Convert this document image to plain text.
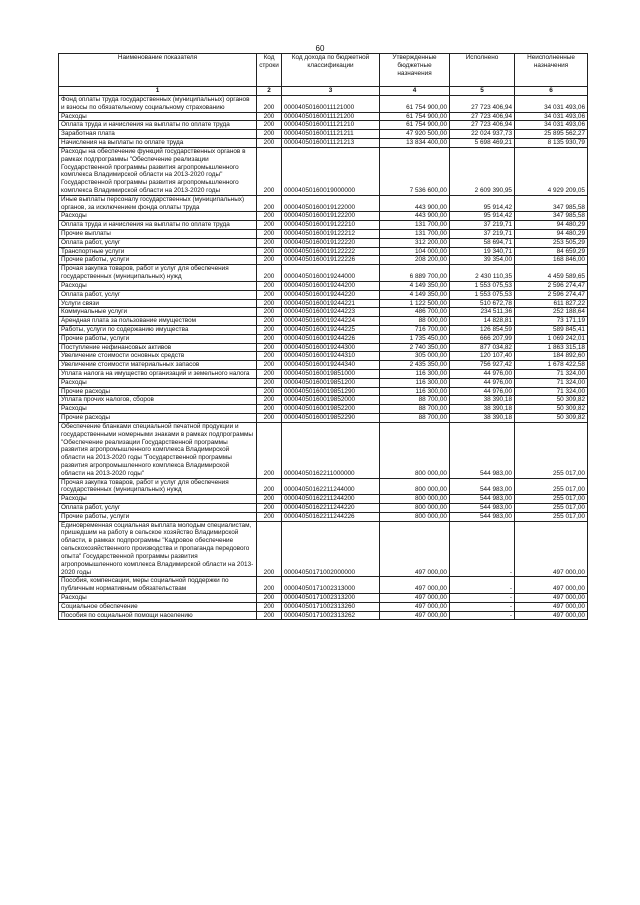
60
Наименование показателя	Код строки	Код дохода по бюджетной классификации	Утвержденные бюджетные назначения	Исполнено	Неисполненные назначения
1	2	3	4	5	6
Фонд оплаты труда государственных (муниципальных) органов и взносы по обязательному социальному страхованию	200	00004050160011121000	61 754 900,00	27 723 406,94	34 031 493,06
Расходы	200	00004050160011121200	61 754 900,00	27 723 406,94	34 031 493,06
Оплата труда и начисления на выплаты по оплате труда	200	00004050160011121210	61 754 900,00	27 723 406,94	34 031 493,06
Заработная плата	200	00004050160011121211	47 920 500,00	22 024 937,73	25 895 562,27
Начисления на выплаты по оплате труда	200	00004050160011121213	13 834 400,00	5 698 469,21	8 135 930,79
Расходы на обеспечение функций государственных органов в рамках подпрограммы "Обеспечение реализации Государственной программы развития агропромышленного комплекса Владимирской области на 2013-2020 годы" Государственной программы развития агропромышленного комплекса Владимирской области на 2013-2020 годы	200	00004050160019000000	7 536 600,00	2 609 390,95	4 929 209,05
Иные выплаты персоналу государственных (муниципальных) органов, за исключением фонда оплаты труда	200	00004050160019122000	443 900,00	95 914,42	347 985,58
Расходы	200	00004050160019122200	443 900,00	95 914,42	347 985,58
Оплата труда и начисления на выплаты по оплате труда	200	00004050160019122210	131 700,00	37 219,71	94 480,29
Прочие выплаты	200	00004050160019122212	131 700,00	37 219,71	94 480,29
Оплата работ, услуг	200	00004050160019122220	312 200,00	58 694,71	253 505,29
Транспортные услуги	200	00004050160019122222	104 000,00	19 340,71	84 659,29
Прочие работы, услуги	200	00004050160019122226	208 200,00	39 354,00	168 846,00
Прочая закупка товаров, работ и услуг для обеспечения государственных (муниципальных) нужд	200	00004050160019244000	6 889 700,00	2 430 110,35	4 459 589,65
Расходы	200	00004050160019244200	4 149 350,00	1 553 075,53	2 596 274,47
Оплата работ, услуг	200	00004050160019244220	4 149 350,00	1 553 075,53	2 596 274,47
Услуги связи	200	00004050160019244221	1 122 500,00	510 672,78	611 827,22
Коммунальные услуги	200	00004050160019244223	486 700,00	234 511,36	252 188,64
Арендная плата за пользование имуществом	200	00004050160019244224	88 000,00	14 828,81	73 171,19
Работы, услуги по содержанию имущества	200	00004050160019244225	716 700,00	126 854,59	589 845,41
Прочие работы, услуги	200	00004050160019244226	1 735 450,00	666 207,99	1 069 242,01
Поступление нефинансовых активов	200	00004050160019244300	2 740 350,00	877 034,82	1 863 315,18
Увеличение стоимости основных средств	200	00004050160019244310	305 000,00	120 107,40	184 892,60
Увеличение стоимости материальных запасов	200	00004050160019244340	2 435 350,00	756 927,42	1 678 422,58
Уплата налога на имущество организаций и земельного налога	200	00004050160019851000	116 300,00	44 976,00	71 324,00
Расходы	200	00004050160019851200	116 300,00	44 976,00	71 324,00
Прочие расходы	200	00004050160019851290	116 300,00	44 976,00	71 324,00
Уплата прочих налогов, сборов	200	00004050160019852000	88 700,00	38 390,18	50 309,82
Расходы	200	00004050160019852200	88 700,00	38 390,18	50 309,82
Прочие расходы	200	00004050160019852290	88 700,00	38 390,18	50 309,82
Обеспечение бланками специальной печатной продукции и государственными номерными знаками в рамках подпрограммы "Обеспечение реализации Государственной программы развития агропромышленного комплекса Владимирской области на 2013-2020 годы "Государственной программы развития агропромышленного комплекса Владимирской области на 2013-2020 годы"	200	00004050162211000000	800 000,00	544 983,00	255 017,00
Прочая закупка товаров, работ и услуг для обеспечения государственных (муниципальных) нужд	200	00004050162211244000	800 000,00	544 983,00	255 017,00
Расходы	200	00004050162211244200	800 000,00	544 983,00	255 017,00
Оплата работ, услуг	200	00004050162211244220	800 000,00	544 983,00	255 017,00
Прочие работы, услуги	200	00004050162211244226	800 000,00	544 983,00	255 017,00
Единовременная социальная выплата молодым специалистам, пришедшим на работу в сельское хозяйство Владимирской области, в рамках подпрограммы "Кадровое обеспечение сельскохозяйственного производства и пропаганда передового опыта" Государственной программы развития агропромышленного комплекса Владимирской области на 2013-2020 годы	200	00004050171002000000	497 000,00	-	497 000,00
Пособия, компенсации, меры социальной поддержки по публичным нормативным обязательствам	200	00004050171002313000	497 000,00	-	497 000,00
Расходы	200	00004050171002313200	497 000,00	-	497 000,00
Социальное обеспечение	200	00004050171002313260	497 000,00	-	497 000,00
Пособия по социальной помощи населению	200	00004050171002313262	497 000,00	-	497 000,00
